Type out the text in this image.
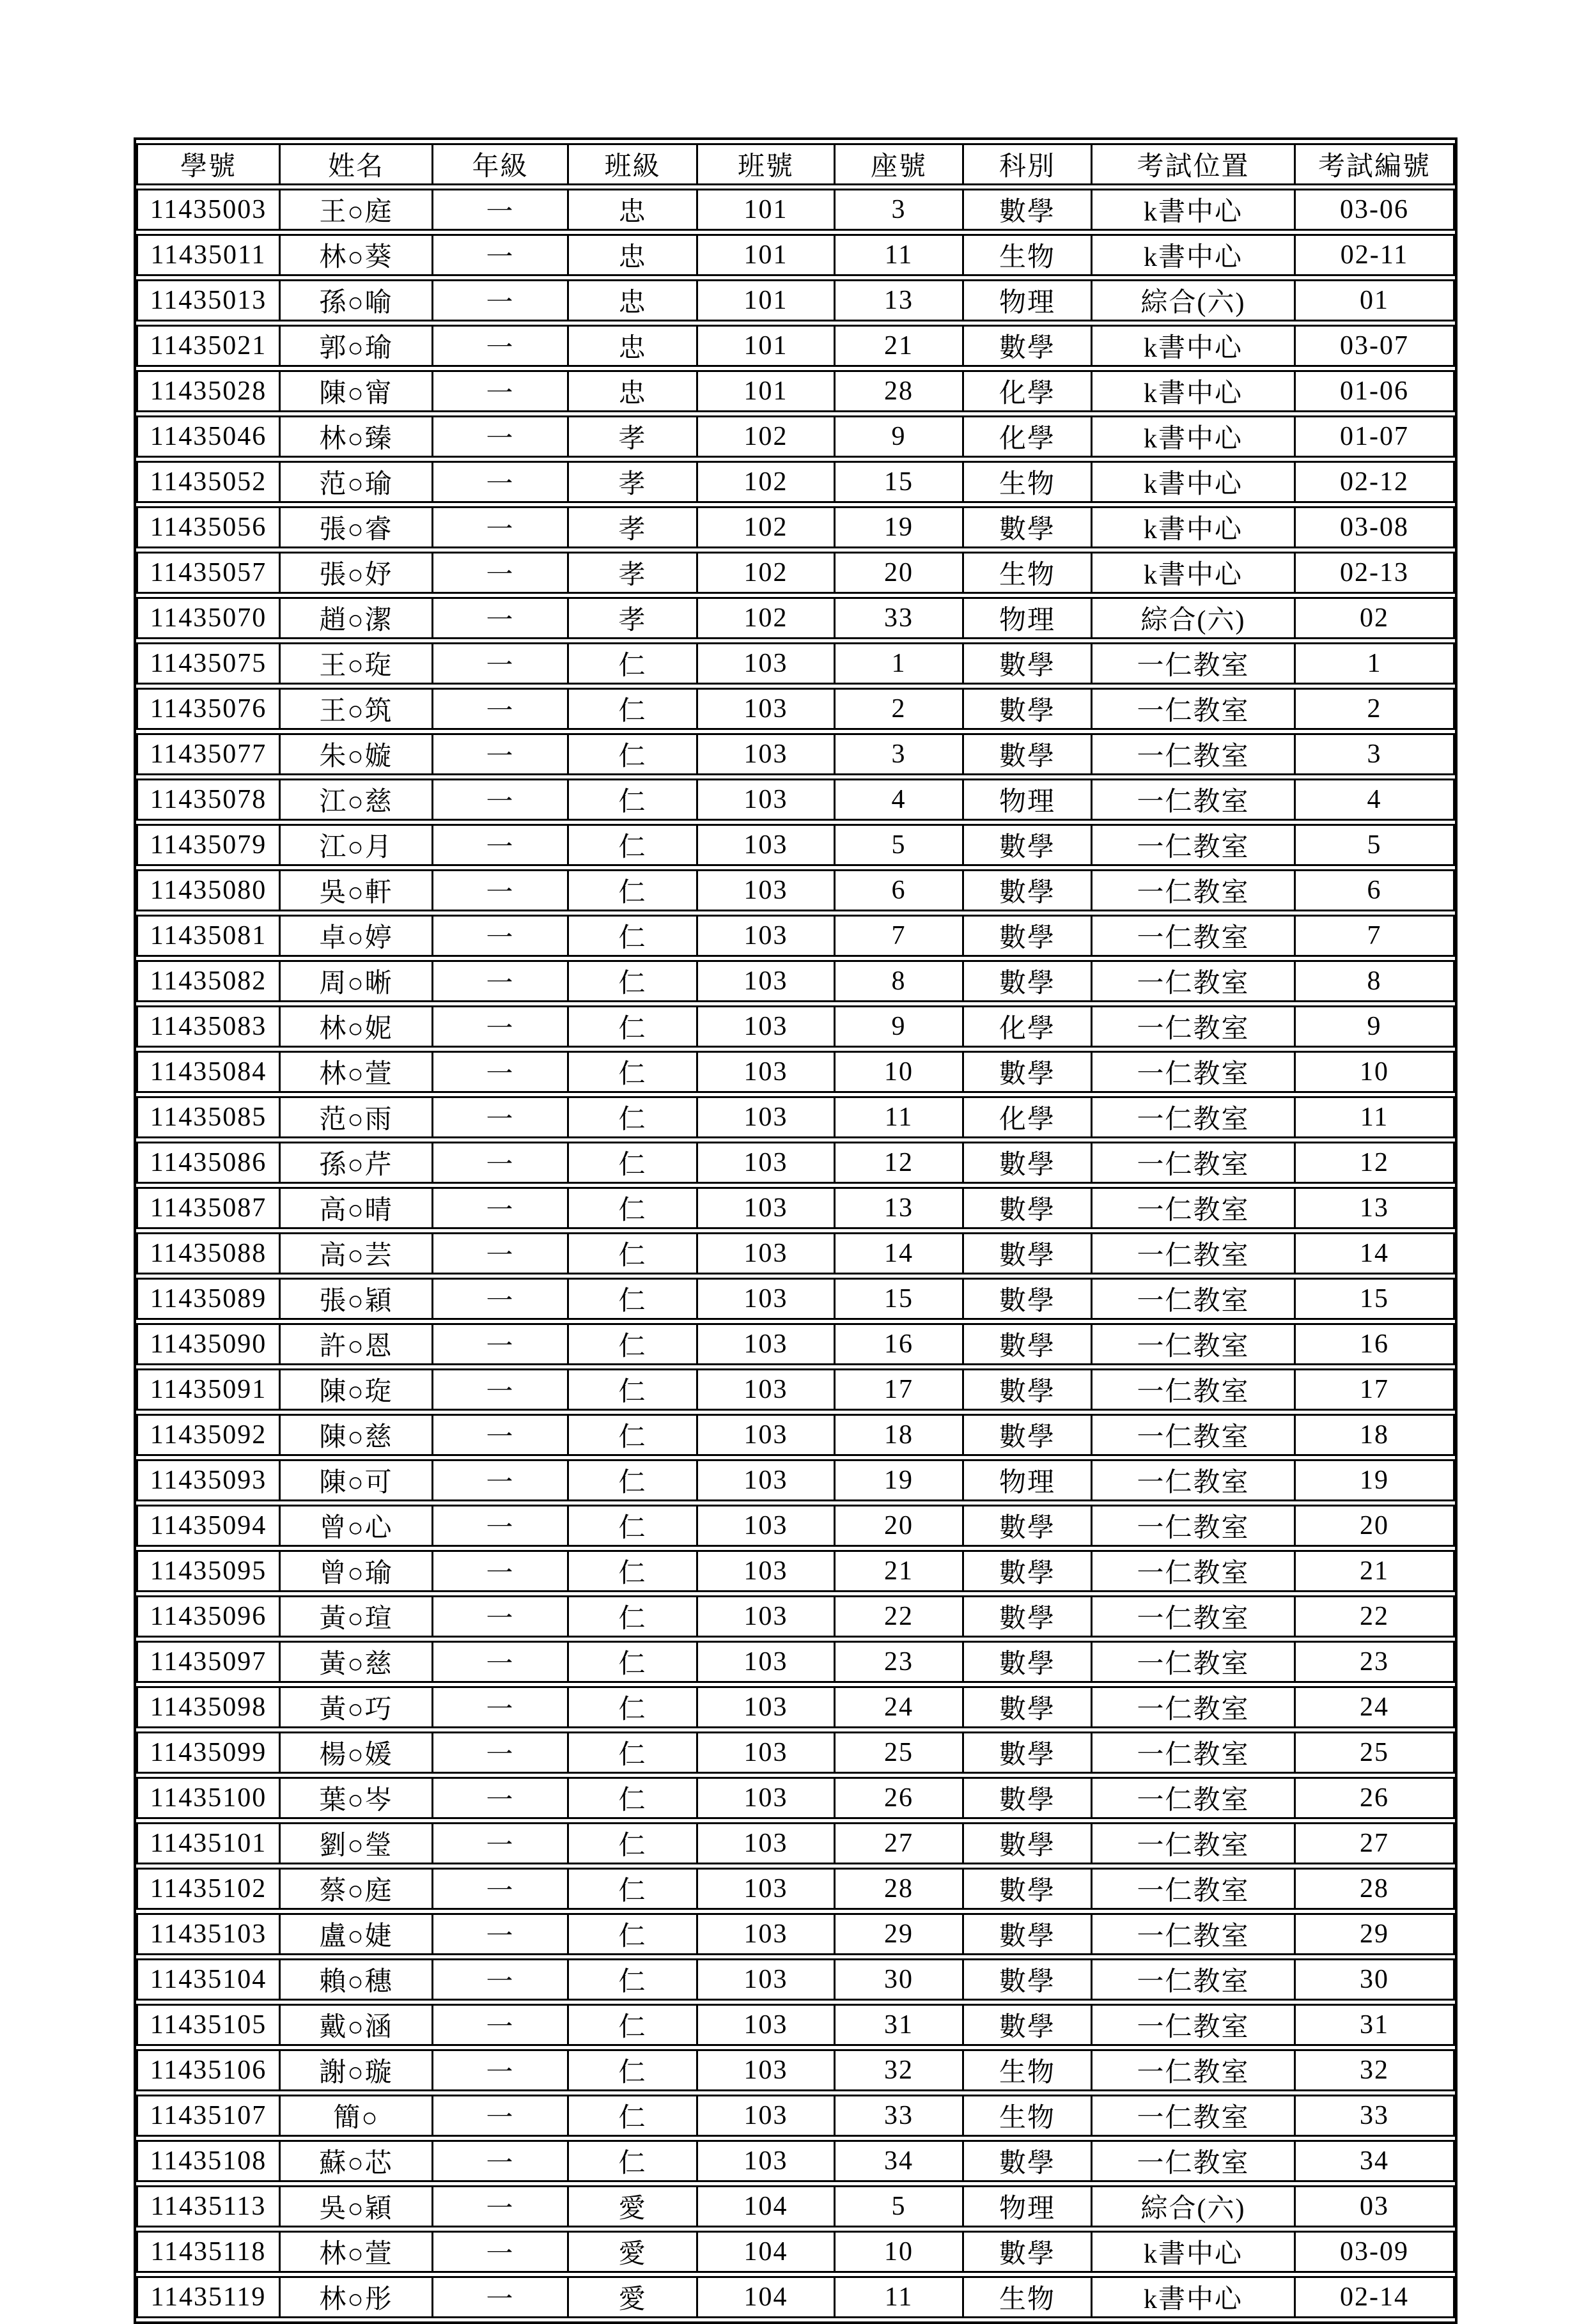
學號	姓名	年級	班級	班號	座號	科別	考試位置	考試編號
11435003	王○庭	一	忠	101	3	數學	k書中心	03-06
11435011	林○葵	一	忠	101	11	生物	k書中心	02-11
11435013	孫○喻	一	忠	101	13	物理	綜合(六)	01
11435021	郭○瑜	一	忠	101	21	數學	k書中心	03-07
11435028	陳○甯	一	忠	101	28	化學	k書中心	01-06
11435046	林○臻	一	孝	102	9	化學	k書中心	01-07
11435052	范○瑜	一	孝	102	15	生物	k書中心	02-12
11435056	張○睿	一	孝	102	19	數學	k書中心	03-08
11435057	張○妤	一	孝	102	20	生物	k書中心	02-13
11435070	趙○潔	一	孝	102	33	物理	綜合(六)	02
11435075	王○琁	一	仁	103	1	數學	一仁教室	1
11435076	王○筑	一	仁	103	2	數學	一仁教室	2
11435077	朱○嫙	一	仁	103	3	數學	一仁教室	3
11435078	江○慈	一	仁	103	4	物理	一仁教室	4
11435079	江○月	一	仁	103	5	數學	一仁教室	5
11435080	吳○軒	一	仁	103	6	數學	一仁教室	6
11435081	卓○婷	一	仁	103	7	數學	一仁教室	7
11435082	周○晰	一	仁	103	8	數學	一仁教室	8
11435083	林○妮	一	仁	103	9	化學	一仁教室	9
11435084	林○萱	一	仁	103	10	數學	一仁教室	10
11435085	范○雨	一	仁	103	11	化學	一仁教室	11
11435086	孫○芹	一	仁	103	12	數學	一仁教室	12
11435087	高○晴	一	仁	103	13	數學	一仁教室	13
11435088	高○芸	一	仁	103	14	數學	一仁教室	14
11435089	張○穎	一	仁	103	15	數學	一仁教室	15
11435090	許○恩	一	仁	103	16	數學	一仁教室	16
11435091	陳○琁	一	仁	103	17	數學	一仁教室	17
11435092	陳○慈	一	仁	103	18	數學	一仁教室	18
11435093	陳○可	一	仁	103	19	物理	一仁教室	19
11435094	曾○心	一	仁	103	20	數學	一仁教室	20
11435095	曾○瑜	一	仁	103	21	數學	一仁教室	21
11435096	黃○瑄	一	仁	103	22	數學	一仁教室	22
11435097	黃○慈	一	仁	103	23	數學	一仁教室	23
11435098	黃○巧	一	仁	103	24	數學	一仁教室	24
11435099	楊○媛	一	仁	103	25	數學	一仁教室	25
11435100	葉○岑	一	仁	103	26	數學	一仁教室	26
11435101	劉○瑩	一	仁	103	27	數學	一仁教室	27
11435102	蔡○庭	一	仁	103	28	數學	一仁教室	28
11435103	盧○婕	一	仁	103	29	數學	一仁教室	29
11435104	賴○穗	一	仁	103	30	數學	一仁教室	30
11435105	戴○涵	一	仁	103	31	數學	一仁教室	31
11435106	謝○璇	一	仁	103	32	生物	一仁教室	32
11435107	簡○	一	仁	103	33	生物	一仁教室	33
11435108	蘇○芯	一	仁	103	34	數學	一仁教室	34
11435113	吳○穎	一	愛	104	5	物理	綜合(六)	03
11435118	林○萱	一	愛	104	10	數學	k書中心	03-09
11435119	林○彤	一	愛	104	11	生物	k書中心	02-14
